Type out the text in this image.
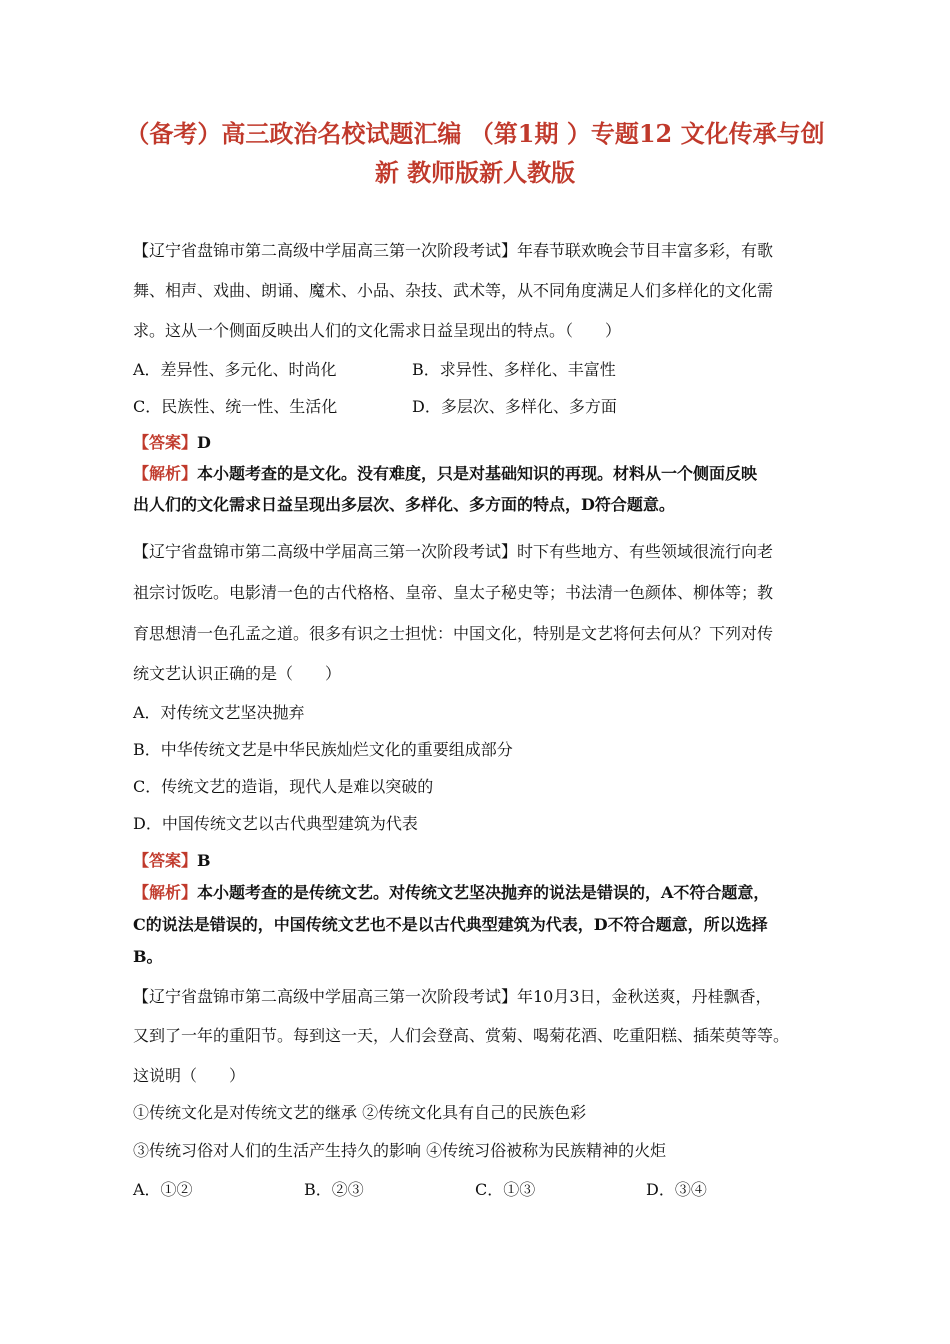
（备考）高三政治名校试题汇编 （第1期 ）专题12 文化传承与创
新 教师版新人教版
【辽宁省盘锦市第二高级中学届高三第一次阶段考试】年春节联欢晚会节目丰富多彩，有歌
舞、相声、戏曲、朗诵、魔术、小品、杂技、武术等，从不同角度满足人们多样化的文化需
求。这从一个侧面反映出人们的文化需求日益呈现出的特点。（　　）
A．差异性、多元化、时尚化	B．求异性、多样化、丰富性
C．民族性、统一性、生活化	D．多层次、多样化、多方面
【答案】D
【解析】本小题考查的是文化。没有难度，只是对基础知识的再现。材料从一个侧面反映
出人们的文化需求日益呈现出多层次、多样化、多方面的特点，D符合题意。
【辽宁省盘锦市第二高级中学届高三第一次阶段考试】时下有些地方、有些领域很流行向老
祖宗讨饭吃。电影清一色的古代格格、皇帝、皇太子秘史等；书法清一色颜体、柳体等；教
育思想清一色孔孟之道。很多有识之士担忧：中国文化，特别是文艺将何去何从？下列对传
统文艺认识正确的是（　　）
A．对传统文艺坚决抛弃
B．中华传统文艺是中华民族灿烂文化的重要组成部分
C．传统文艺的造诣，现代人是难以突破的
D．中国传统文艺以古代典型建筑为代表
【答案】B
【解析】本小题考查的是传统文艺。对传统文艺坚决抛弃的说法是错误的，A不符合题意，
C的说法是错误的，中国传统文艺也不是以古代典型建筑为代表，D不符合题意，所以选择
B。
【辽宁省盘锦市第二高级中学届高三第一次阶段考试】年10月3日，金秋送爽，丹桂飘香，
又到了一年的重阳节。每到这一天，人们会登高、赏菊、喝菊花酒、吃重阳糕、插茱萸等等。
这说明（　　）
①传统文化是对传统文艺的继承 ②传统文化具有自己的民族色彩
③传统习俗对人们的生活产生持久的影响 ④传统习俗被称为民族精神的火炬
A．①②	B．②③	C．①③	D．③④
